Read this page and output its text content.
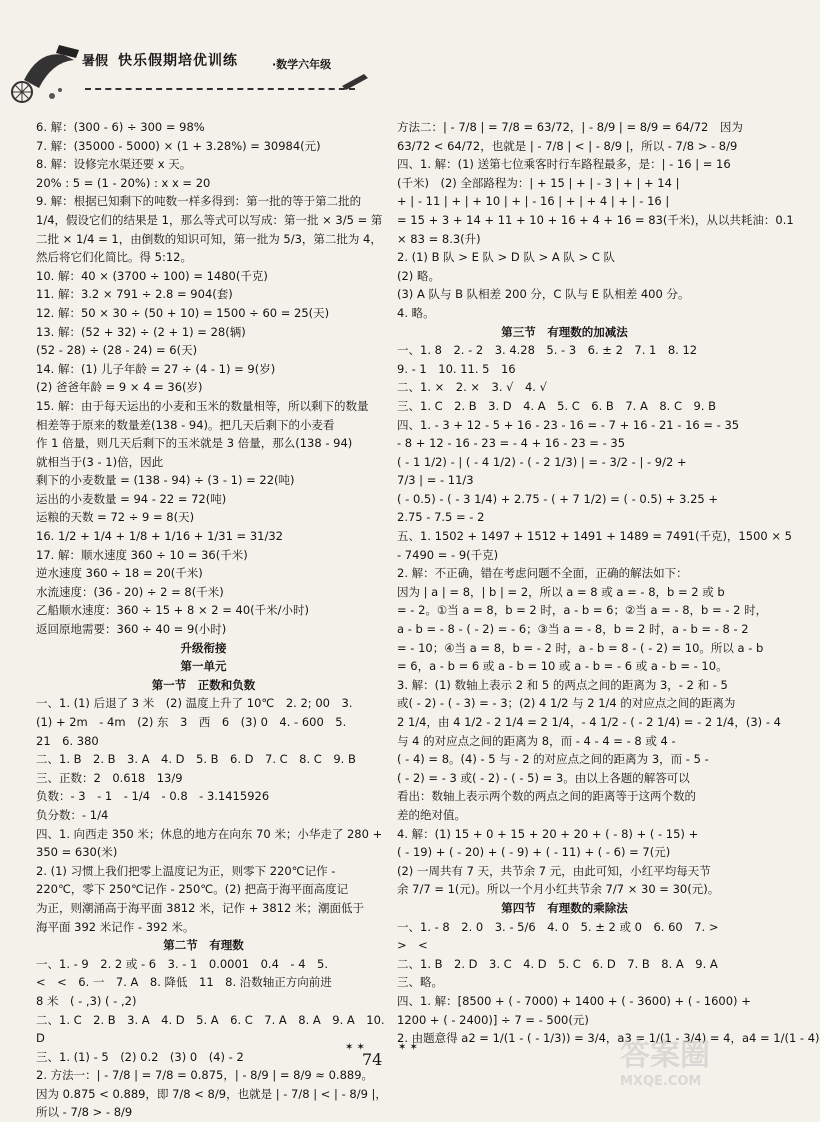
暑假 快乐假期培优训练	·数学六年级
6. 解：(300 - 6) ÷ 300 = 98%
7. 解：(35000 - 5000) × (1 + 3.28%) = 30984(元)
8. 解：设修完水渠还要 x 天。
20% : 5 = (1 - 20%) : x x = 20
9. 解：根据已知剩下的吨数一样多得到：第一批的等于第二批的
1/4，假设它们的结果是 1，那么等式可以写成：第一批 × 3/5 = 第
二批 × 1/4 = 1，由倒数的知识可知，第一批为 5/3，第二批为 4，
然后将它们化简比。得 5:12。
10. 解：40 × (3700 ÷ 100) = 1480(千克)
11. 解：3.2 × 791 ÷ 2.8 = 904(套)
12. 解：50 × 30 ÷ (50 + 10) = 1500 ÷ 60 = 25(天)
13. 解：(52 + 32) ÷ (2 + 1) = 28(辆)
(52 - 28) ÷ (28 - 24) = 6(天)
14. 解：(1) 儿子年龄 = 27 ÷ (4 - 1) = 9(岁)
(2) 爸爸年龄 = 9 × 4 = 36(岁)
15. 解：由于每天运出的小麦和玉米的数量相等，所以剩下的数量
相差等于原来的数量差(138 - 94)。把几天后剩下的小麦看
作 1 倍量，则几天后剩下的玉米就是 3 倍量，那么(138 - 94)
就相当于(3 - 1)倍，因此
剩下的小麦数量 = (138 - 94) ÷ (3 - 1) = 22(吨)
运出的小麦数量 = 94 - 22 = 72(吨)
运粮的天数 = 72 ÷ 9 = 8(天)
16. 1/2 + 1/4 + 1/8 + 1/16 + 1/31 = 31/32
17. 解：顺水速度 360 ÷ 10 = 36(千米)
逆水速度 360 ÷ 18 = 20(千米)
水流速度：(36 - 20) ÷ 2 = 8(千米)
乙船顺水速度：360 ÷ 15 + 8 × 2 = 40(千米/小时)
返回原地需要：360 ÷ 40 = 9(小时)
升级衔接
第一单元
第一节　正数和负数
一、1. (1) 后退了 3 米　(2) 温度上升了 10℃　2. 2; 00　3.
(1) + 2m　- 4m　(2) 东　3　西　6　(3) 0　4. - 600　5.
21　6. 380
二、1. B　2. B　3. A　4. D　5. B　6. D　7. C　8. C　9. B
三、正数：2　0.618　13/9
负数：- 3　- 1　- 1/4　- 0.8　- 3.1415926
负分数：- 1/4
四、1. 向西走 350 米；休息的地方在向东 70 米；小华走了 280 +
350 = 630(米)
2. (1) 习惯上我们把零上温度记为正，则零下 220℃记作 -
220℃，零下 250℃记作 - 250℃。(2) 把高于海平面高度记
为正，则潮涌高于海平面 3812 米，记作 + 3812 米；潮面低于
海平面 392 米记作 - 392 米。
第二节　有理数
一、1. - 9　2. 2 或 - 6　3. - 1　0.0001　0.4　- 4　5.
<　<　6. 一　7. A　8. 降低　11　8. 沿数轴正方向前进
8 米　( - ,3) ( - ,2)
二、1. C　2. B　3. A　4. D　5. A　6. C　7. A　8. A　9. A　10.
D
三、1. (1) - 5　(2) 0.2　(3) 0　(4) - 2
2. 方法一：| - 7/8 | = 7/8 = 0.875，| - 8/9 | = 8/9 ≈ 0.889。
因为 0.875 < 0.889，即 7/8 < 8/9，也就是 | - 7/8 | < | - 8/9 |，
所以 - 7/8 > - 8/9
方法二：| - 7/8 | = 7/8 = 63/72，| - 8/9 | = 8/9 = 64/72　因为
63/72 < 64/72，也就是 | - 7/8 | < | - 8/9 |，所以 - 7/8 > - 8/9
四、1. 解：(1) 送第七位乘客时行车路程最多，是：| - 16 | = 16
(千米)　(2) 全部路程为：| + 15 | + | - 3 | + | + 14 |
+ | - 11 | + | + 10 | + | - 16 | + | + 4 | + | - 16 |
= 15 + 3 + 14 + 11 + 10 + 16 + 4 + 16 = 83(千米)，从以共耗油：0.1
× 83 = 8.3(升)
2. (1) B 队 > E 队 > D 队 > A 队 > C 队
(2) 略。
(3) A 队与 B 队相差 200 分，C 队与 E 队相差 400 分。
4. 略。
第三节　有理数的加减法
一、1. 8　2. - 2　3. 4.28　5. - 3　6. ± 2　7. 1　8. 12
9. - 1　10. 11. 5　16
二、1. ×　2. ×　3. √　4. √
三、1. C　2. B　3. D　4. A　5. C　6. B　7. A　8. C　9. B
四、1. - 3 + 12 - 5 + 16 - 23 - 16 = - 7 + 16 - 21 - 16 = - 35
- 8 + 12 - 16 - 23 = - 4 + 16 - 23 = - 35
( - 1 1/2) - | ( - 4 1/2) - ( - 2 1/3) | = - 3/2 - | - 9/2 +
7/3 | = - 11/3
( - 0.5) - ( - 3 1/4) + 2.75 - ( + 7 1/2) = ( - 0.5) + 3.25 +
2.75 - 7.5 = - 2
五、1. 1502 + 1497 + 1512 + 1491 + 1489 = 7491(千克)，1500 × 5
- 7490 = - 9(千克)
2. 解：不正确，错在考虑问题不全面，正确的解法如下：
因为 | a | = 8，| b | = 2，所以 a = 8 或 a = - 8，b = 2 或 b
= - 2。①当 a = 8，b = 2 时，a - b = 6；②当 a = - 8，b = - 2 时，
a - b = - 8 - ( - 2) = - 6；③当 a = - 8，b = 2 时，a - b = - 8 - 2
= - 10；④当 a = 8，b = - 2 时，a - b = 8 - ( - 2) = 10。所以 a - b
= 6，a - b = 6 或 a - b = 10 或 a - b = - 6 或 a - b = - 10。
3. 解：(1) 数轴上表示 2 和 5 的两点之间的距离为 3，- 2 和 - 5
或( - 2) - ( - 3) = - 3；(2) 4 1/2 与 2 1/4 的对应点之间的距离为
2 1/4，由 4 1/2 - 2 1/4 = 2 1/4，- 4 1/2 - ( - 2 1/4) = - 2 1/4，(3) - 4
与 4 的对应点之间的距离为 8，而 - 4 - 4 = - 8 或 4 -
( - 4) = 8。(4) - 5 与 - 2 的对应点之间的距离为 3，而 - 5 -
( - 2) = - 3 或( - 2) - ( - 5) = 3。由以上各题的解答可以
看出：数轴上表示两个数的两点之间的距离等于这两个数的
差的绝对值。
4. 解：(1) 15 + 0 + 15 + 20 + 20 + ( - 8) + ( - 15) +
( - 19) + ( - 20) + ( - 9) + ( - 11) + ( - 6) = 7(元)
(2) 一周共有 7 天，共节余 7 元，由此可知，小红平均每天节
余 7/7 = 1(元)。所以一个月小红共节余 7/7 × 30 = 30(元)。
第四节　有理数的乘除法
一、1. - 8　2. 0　3. - 5/6　4. 0　5. ± 2 或 0　6. 60　7. >
>　<
二、1. B　2. D　3. C　4. D　5. C　6. D　7. B　8. A　9. A
三、略。
四、1. 解：[8500 + ( - 7000) + 1400 + ( - 3600) + ( - 1600) +
1200 + ( - 2400)] ÷ 7 = - 500(元)
2. 由题意得 a2 = 1/(1 - ( - 1/3)) = 3/4，a3 = 1/(1 - 3/4) = 4，a4 = 1/(1 - 4)
✶ ✶
74
✶ ✶	答案圈
MXQE.COM
